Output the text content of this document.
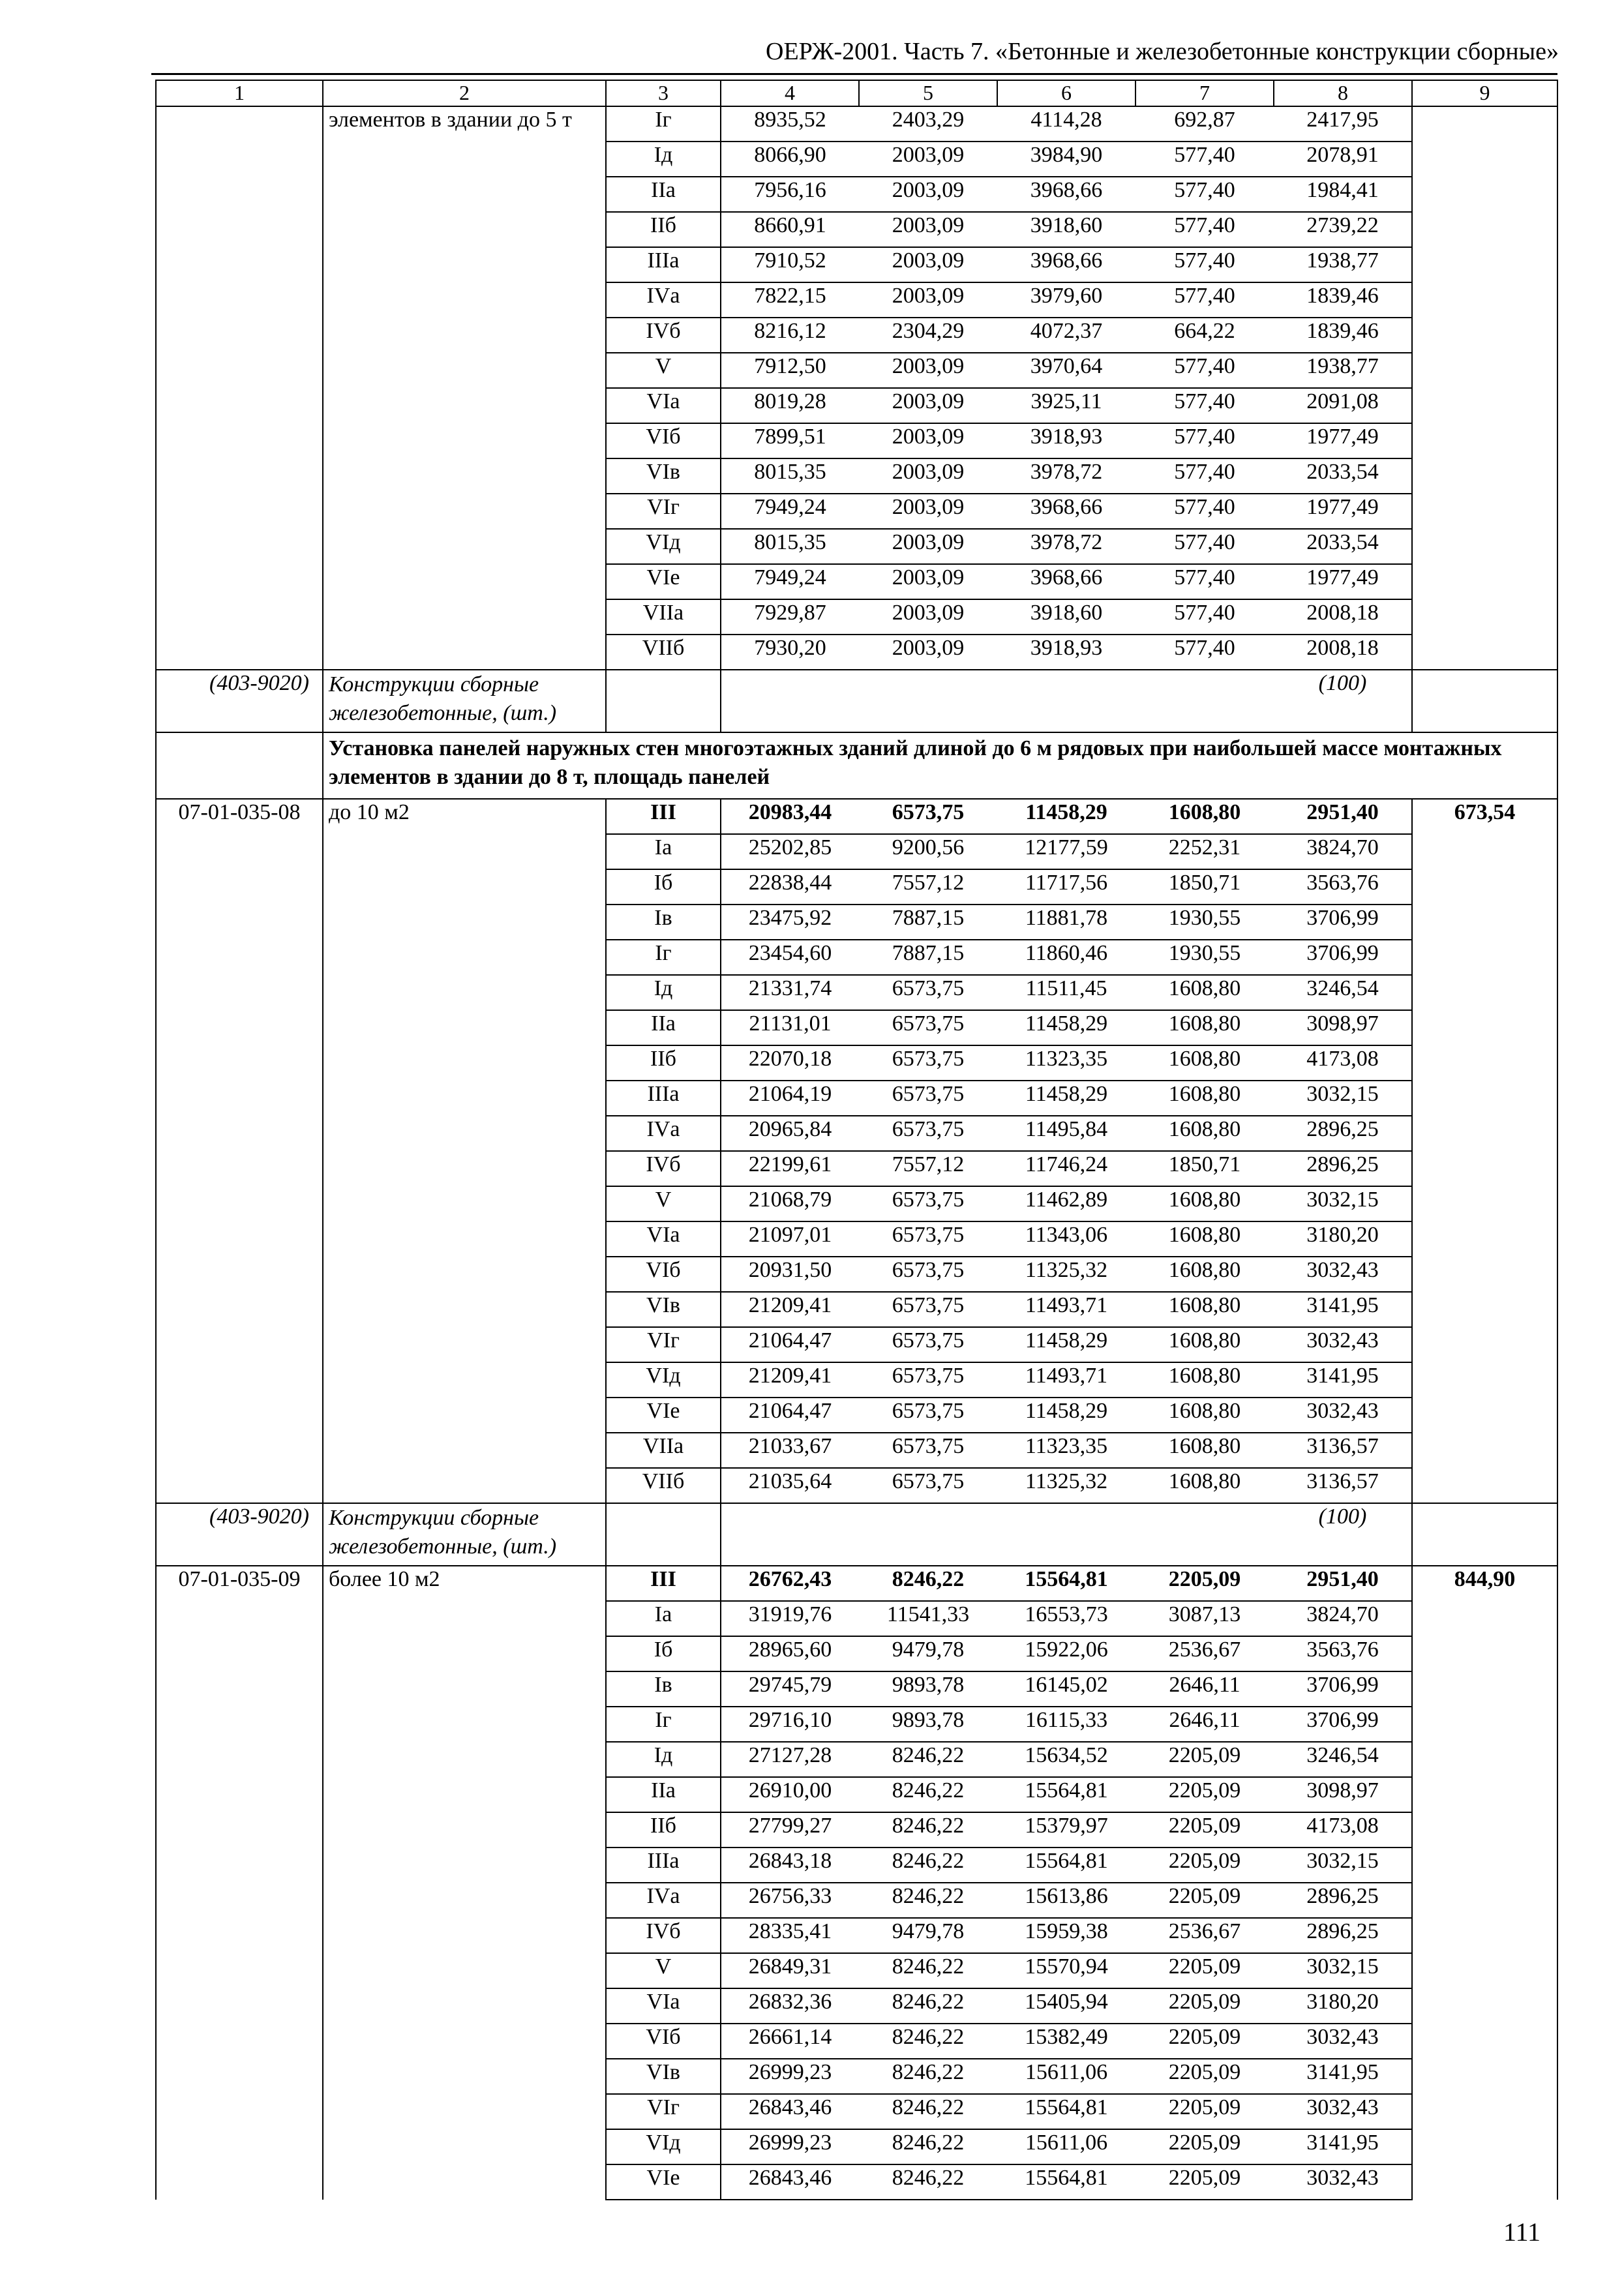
ОЕРЖ-2001. Часть 7. «Бетонные и железобетонные конструкции сборные»
1	2	3	4	5	6	7	8	9
	элементов в здании до 5 т	Iг	8935,52	2403,29	4114,28	692,87	2417,95	
		Iд	8066,90	2003,09	3984,90	577,40	2078,91	
		IIа	7956,16	2003,09	3968,66	577,40	1984,41	
		IIб	8660,91	2003,09	3918,60	577,40	2739,22	
		IIIа	7910,52	2003,09	3968,66	577,40	1938,77	
		IVа	7822,15	2003,09	3979,60	577,40	1839,46	
		IVб	8216,12	2304,29	4072,37	664,22	1839,46	
		V	7912,50	2003,09	3970,64	577,40	1938,77	
		VIа	8019,28	2003,09	3925,11	577,40	2091,08	
		VIб	7899,51	2003,09	3918,93	577,40	1977,49	
		VIв	8015,35	2003,09	3978,72	577,40	2033,54	
		VIг	7949,24	2003,09	3968,66	577,40	1977,49	
		VIд	8015,35	2003,09	3978,72	577,40	2033,54	
		VIе	7949,24	2003,09	3968,66	577,40	1977,49	
		VIIа	7929,87	2003,09	3918,60	577,40	2008,18	
		VIIб	7930,20	2003,09	3918,93	577,40	2008,18	
(403-9020)	Конструкции сборные железобетонные, (шт.)						(100)	
	Установка панелей наружных стен многоэтажных зданий длиной до 6 м рядовых при наибольшей массе монтажных элементов в здании до 8 т, площадь панелей							
07-01-035-08	до 10 м2	III	20983,44	6573,75	11458,29	1608,80	2951,40	673,54
		Iа	25202,85	9200,56	12177,59	2252,31	3824,70	
		Iб	22838,44	7557,12	11717,56	1850,71	3563,76	
		Iв	23475,92	7887,15	11881,78	1930,55	3706,99	
		Iг	23454,60	7887,15	11860,46	1930,55	3706,99	
		Iд	21331,74	6573,75	11511,45	1608,80	3246,54	
		IIа	21131,01	6573,75	11458,29	1608,80	3098,97	
		IIб	22070,18	6573,75	11323,35	1608,80	4173,08	
		IIIа	21064,19	6573,75	11458,29	1608,80	3032,15	
		IVа	20965,84	6573,75	11495,84	1608,80	2896,25	
		IVб	22199,61	7557,12	11746,24	1850,71	2896,25	
		V	21068,79	6573,75	11462,89	1608,80	3032,15	
		VIа	21097,01	6573,75	11343,06	1608,80	3180,20	
		VIб	20931,50	6573,75	11325,32	1608,80	3032,43	
		VIв	21209,41	6573,75	11493,71	1608,80	3141,95	
		VIг	21064,47	6573,75	11458,29	1608,80	3032,43	
		VIд	21209,41	6573,75	11493,71	1608,80	3141,95	
		VIе	21064,47	6573,75	11458,29	1608,80	3032,43	
		VIIа	21033,67	6573,75	11323,35	1608,80	3136,57	
		VIIб	21035,64	6573,75	11325,32	1608,80	3136,57	
(403-9020)	Конструкции сборные железобетонные, (шт.)						(100)	
07-01-035-09	более 10 м2	III	26762,43	8246,22	15564,81	2205,09	2951,40	844,90
		Iа	31919,76	11541,33	16553,73	3087,13	3824,70	
		Iб	28965,60	9479,78	15922,06	2536,67	3563,76	
		Iв	29745,79	9893,78	16145,02	2646,11	3706,99	
		Iг	29716,10	9893,78	16115,33	2646,11	3706,99	
		Iд	27127,28	8246,22	15634,52	2205,09	3246,54	
		IIа	26910,00	8246,22	15564,81	2205,09	3098,97	
		IIб	27799,27	8246,22	15379,97	2205,09	4173,08	
		IIIа	26843,18	8246,22	15564,81	2205,09	3032,15	
		IVа	26756,33	8246,22	15613,86	2205,09	2896,25	
		IVб	28335,41	9479,78	15959,38	2536,67	2896,25	
		V	26849,31	8246,22	15570,94	2205,09	3032,15	
		VIа	26832,36	8246,22	15405,94	2205,09	3180,20	
		VIб	26661,14	8246,22	15382,49	2205,09	3032,43	
		VIв	26999,23	8246,22	15611,06	2205,09	3141,95	
		VIг	26843,46	8246,22	15564,81	2205,09	3032,43	
		VIд	26999,23	8246,22	15611,06	2205,09	3141,95	
		VIе	26843,46	8246,22	15564,81	2205,09	3032,43	
111
